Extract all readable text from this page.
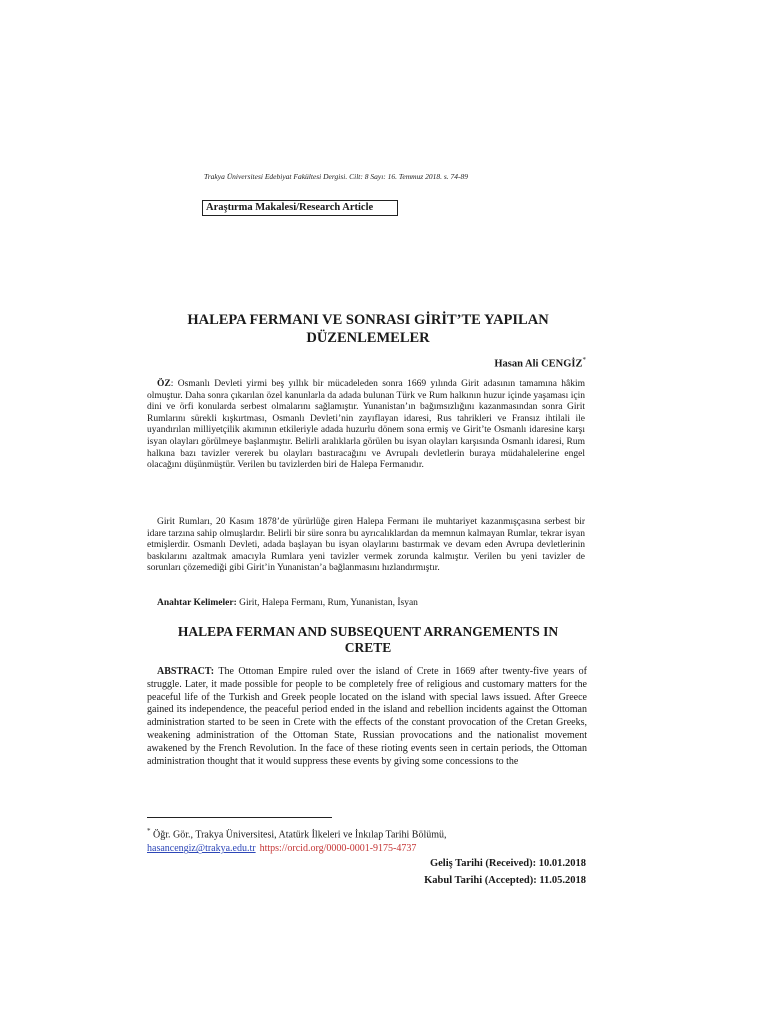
Trakya Üniversitesi Edebiyat Fakültesi Dergisi. Cilt: 8 Sayı: 16. Temmuz 2018. s. 74-89
Araştırma Makalesi/Research Article
HALEPA FERMANI VE SONRASI GİRİT’TE YAPILAN
DÜZENLEMELER
Hasan Ali CENGİZ*
ÖZ: Osmanlı Devleti yirmi beş yıllık bir mücadeleden sonra 1669 yılında Girit adasının tamamına hâkim olmuştur. Daha sonra çıkarılan özel kanunlarla da adada bulunan Türk ve Rum halkının huzur içinde yaşaması için dini ve örfi konularda serbest olmalarını sağlamıştır. Yunanistan’ın bağımsızlığını kazanmasından sonra Girit Rumlarını sürekli kışkırtması, Osmanlı Devleti’nin zayıflayan idaresi, Rus tahrikleri ve Fransız ihtilali ile uyandırılan milliyetçilik akımının etkileriyle adada huzurlu dönem sona ermiş ve Girit’te Osmanlı idaresine karşı isyan olayları görülmeye başlanmıştır. Belirli aralıklarla görülen bu isyan olayları karşısında Osmanlı idaresi, Rum halkına bazı tavizler vererek bu olayları bastıracağını ve Avrupalı devletlerin buraya müdahalelerine engel olacağını düşünmüştür. Verilen bu tavizlerden biri de Halepa Fermanıdır.
Girit Rumları, 20 Kasım 1878’de yürürlüğe giren Halepa Fermanı ile muhtariyet kazanmışçasına serbest bir idare tarzına sahip olmuşlardır. Belirli bir süre sonra bu ayrıcalıklardan da memnun kalmayan Rumlar, tekrar isyan etmişlerdir. Osmanlı Devleti, adada başlayan bu isyan olaylarını bastırmak ve devam eden Avrupa devletlerinin baskılarını azaltmak amacıyla Rumlara yeni tavizler vermek zorunda kalmıştır. Verilen bu yeni tavizler de sorunları çözemediği gibi Girit’in Yunanistan’a bağlanmasını hızlandırmıştır.
Anahtar Kelimeler: Girit, Halepa Fermanı, Rum, Yunanistan, İsyan
HALEPA FERMAN AND SUBSEQUENT ARRANGEMENTS IN
CRETE
ABSTRACT: The Ottoman Empire ruled over the island of Crete in 1669 after twenty-five years of struggle. Later, it made possible for people to be completely free of religious and customary matters for the peaceful life of the Turkish and Greek people located on the island with special laws issued. After Greece gained its independence, the peaceful period ended in the island and rebellion incidents against the Ottoman administration started to be seen in Crete with the effects of the constant provocation of the Cretan Greeks, weakening administration of the Ottoman State, Russian provocations and the nationalist movement awakened by the French Revolution. In the face of these rioting events seen in certain periods, the Ottoman administration thought that it would suppress these events by giving some concessions to the
* Öğr. Gör., Trakya Üniversitesi, Atatürk İlkeleri ve İnkılap Tarihi Bölümü,
hasancengiz@trakya.edu.tr https://orcid.org/0000-0001-9175-4737
Geliş Tarihi (Received): 10.01.2018
Kabul Tarihi (Accepted): 11.05.2018
